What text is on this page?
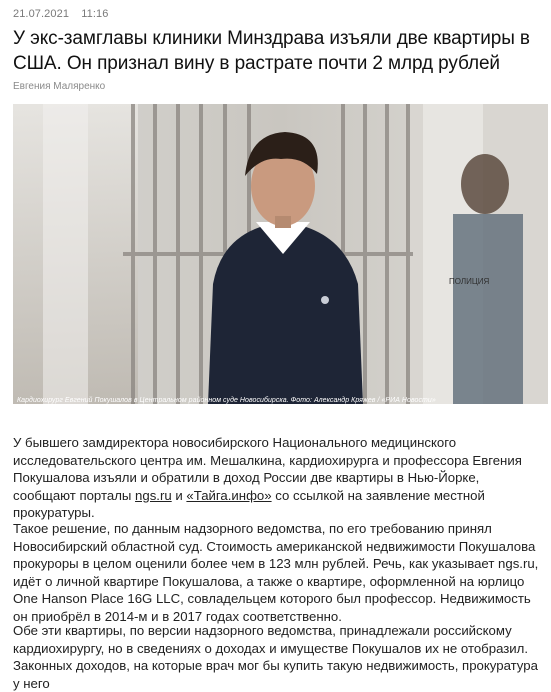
21.07.2021 11:16
У экс-замглавы клиники Минздрава изъяли две квартиры в США. Он признал вину в растрате почти 2 млрд рублей
Евгения Маляренко
ПОЛИЦИЯ
Кардиохирург Евгений Покушалов в Центральном районном суде Новосибирска. Фото: Александр Кряжев / «РИА Новости»

У бывшего замдиректора новосибирского Национального медицинского исследовательского центра им. Мешалкина, кардиохирурга и профессора Евгения Покушалова изъяли и обратили в доход России две квартиры в Нью-Йорке, сообщают порталы ngs.ru и «Тайга.инфо» со ссылкой на заявление местной прокуратуры.

Такое решение, по данным надзорного ведомства, по его требованию принял Новосибирский областной суд. Стоимость американской недвижимости Покушалова прокуроры в целом оценили более чем в 123 млн рублей. Речь, как указывает ngs.ru, идёт о личной квартире Покушалова, а также о квартире, оформленной на юрлицо One Hanson Place 16G LLC, совладельцем которого был профессор. Недвижимость он приобрёл в 2014-м и в 2017 годах соответственно.

Обе эти квартиры, по версии надзорного ведомства, принадлежали российскому кардиохирургу, но в сведениях о доходах и имуществе Покушалов их не отобразил. Законных доходов, на которые врач мог бы купить такую недвижимость, прокуратура у него
